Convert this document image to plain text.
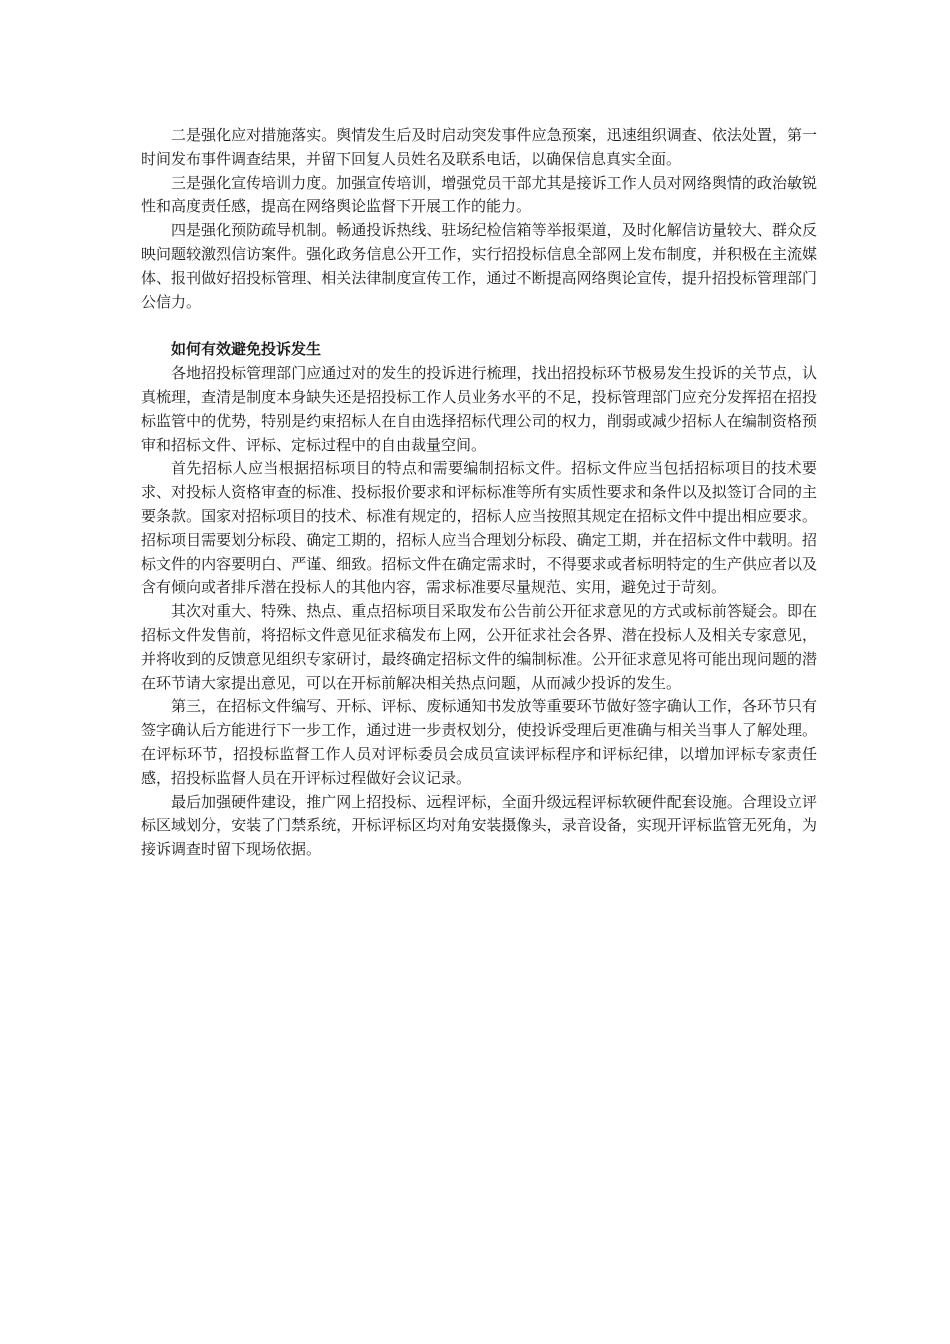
二是强化应对措施落实。舆情发生后及时启动突发事件应急预案，迅速组织调查、依法处置，第一时间发布事件调查结果，并留下回复人员姓名及联系电话，以确保信息真实全面。

三是强化宣传培训力度。加强宣传培训，增强党员干部尤其是接诉工作人员对网络舆情的政治敏锐性和高度责任感，提高在网络舆论监督下开展工作的能力。

四是强化预防疏导机制。畅通投诉热线、驻场纪检信箱等举报渠道，及时化解信访量较大、群众反映问题较激烈信访案件。强化政务信息公开工作，实行招投标信息全部网上发布制度，并积极在主流媒体、报刊做好招投标管理、相关法律制度宣传工作，通过不断提高网络舆论宣传，提升招投标管理部门公信力。

如何有效避免投诉发生

各地招投标管理部门应通过对的发生的投诉进行梳理，找出招投标环节极易发生投诉的关节点，认真梳理，查清是制度本身缺失还是招投标工作人员业务水平的不足，投标管理部门应充分发挥招在招投标监管中的优势，特别是约束招标人在自由选择招标代理公司的权力，削弱或减少招标人在编制资格预审和招标文件、评标、定标过程中的自由裁量空间。

首先招标人应当根据招标项目的特点和需要编制招标文件。招标文件应当包括招标项目的技术要求、对投标人资格审查的标准、投标报价要求和评标标准等所有实质性要求和条件以及拟签订合同的主要条款。国家对招标项目的技术、标准有规定的，招标人应当按照其规定在招标文件中提出相应要求。招标项目需要划分标段、确定工期的，招标人应当合理划分标段、确定工期，并在招标文件中载明。招标文件的内容要明白、严谨、细致。招标文件在确定需求时，不得要求或者标明特定的生产供应者以及含有倾向或者排斥潜在投标人的其他内容，需求标准要尽量规范、实用，避免过于苛刻。

其次对重大、特殊、热点、重点招标项目采取发布公告前公开征求意见的方式或标前答疑会。即在招标文件发售前，将招标文件意见征求稿发布上网，公开征求社会各界、潜在投标人及相关专家意见，并将收到的反馈意见组织专家研讨，最终确定招标文件的编制标准。公开征求意见将可能出现问题的潜在环节请大家提出意见，可以在开标前解决相关热点问题，从而减少投诉的发生。

第三，在招标文件编写、开标、评标、废标通知书发放等重要环节做好签字确认工作，各环节只有签字确认后方能进行下一步工作，通过进一步责权划分，使投诉受理后更准确与相关当事人了解处理。在评标环节，招投标监督工作人员对评标委员会成员宣读评标程序和评标纪律，以增加评标专家责任感，招投标监督人员在开评标过程做好会议记录。

最后加强硬件建设，推广网上招投标、远程评标，全面升级远程评标软硬件配套设施。合理设立评标区域划分，安装了门禁系统，开标评标区均对角安装摄像头，录音设备，实现开评标监管无死角，为接诉调查时留下现场依据。
